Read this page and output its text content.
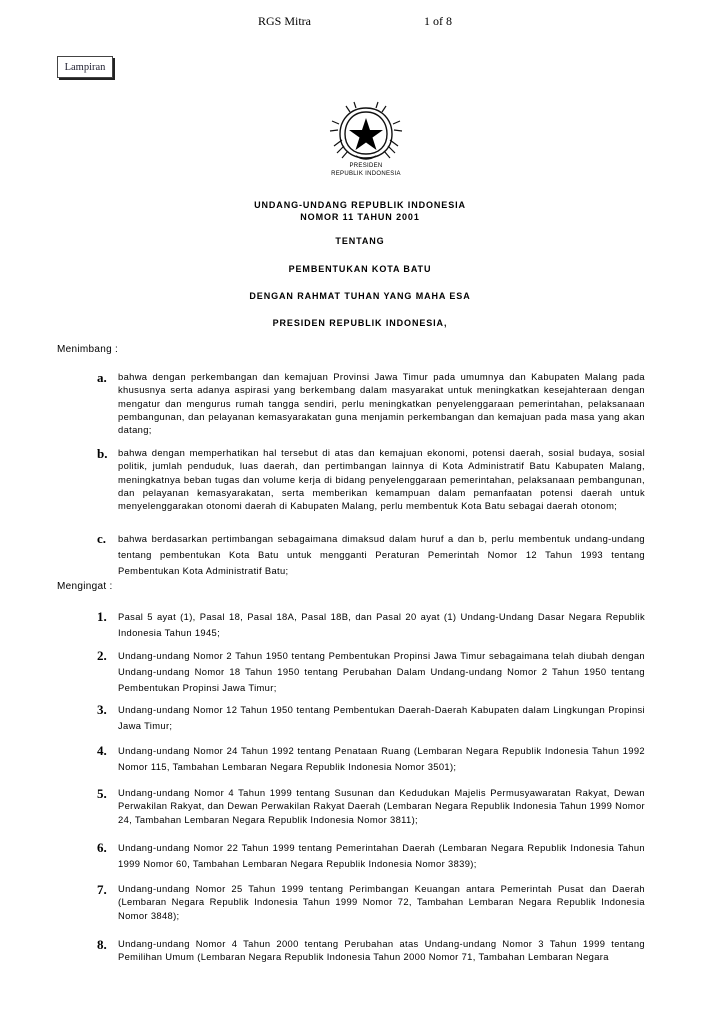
RGS Mitra	1 of 8
Lampiran
PRESIDEN
REPUBLIK INDONESIA
UNDANG-UNDANG REPUBLIK INDONESIA
NOMOR 11 TAHUN 2001
TENTANG
PEMBENTUKAN KOTA BATU
DENGAN RAHMAT TUHAN YANG MAHA ESA
PRESIDEN REPUBLIK INDONESIA,
Menimbang :
a. bahwa dengan perkembangan dan kemajuan Provinsi Jawa Timur pada umumnya dan Kabupaten Malang pada khususnya serta adanya aspirasi yang berkembang dalam masyarakat untuk meningkatkan kesejahteraan dengan mengatur dan mengurus rumah tangga sendiri, perlu meningkatkan penyelenggaraan pemerintahan, pelaksanaan pembangunan, dan pelayanan kemasyarakatan guna menjamin perkembangan dan kemajuan pada masa yang akan datang;
b. bahwa dengan memperhatikan hal tersebut di atas dan kemajuan ekonomi, potensi daerah, sosial budaya, sosial politik, jumlah penduduk, luas daerah, dan pertimbangan lainnya di Kota Administratif Batu Kabupaten Malang, meningkatnya beban tugas dan volume kerja di bidang penyelenggaraan pemerintahan, pelaksanaan pembangunan, dan pelayanan kemasyarakatan, serta memberikan kemampuan dalam pemanfaatan potensi daerah untuk menyelenggarakan otonomi daerah di Kabupaten Malang, perlu membentuk Kota Batu sebagai daerah otonom;
c. bahwa berdasarkan pertimbangan sebagaimana dimaksud dalam huruf a dan b, perlu membentuk undang-undang tentang pembentukan Kota Batu untuk mengganti Peraturan Pemerintah Nomor 12 Tahun 1993 tentang Pembentukan Kota Administratif Batu;
Mengingat :
1. Pasal 5 ayat (1), Pasal 18, Pasal 18A, Pasal 18B, dan Pasal 20 ayat (1) Undang-Undang Dasar Negara Republik Indonesia Tahun 1945;
2. Undang-undang Nomor 2 Tahun 1950 tentang Pembentukan Propinsi Jawa Timur sebagaimana telah diubah dengan Undang-undang Nomor 18 Tahun 1950 tentang Perubahan Dalam Undang-undang Nomor 2 Tahun 1950 tentang Pembentukan Propinsi Jawa Timur;
3. Undang-undang Nomor 12 Tahun 1950 tentang Pembentukan Daerah-Daerah Kabupaten dalam Lingkungan Propinsi Jawa Timur;
4. Undang-undang Nomor 24 Tahun 1992 tentang Penataan Ruang (Lembaran Negara Republik Indonesia Tahun 1992 Nomor 115, Tambahan Lembaran Negara Republik Indonesia Nomor 3501);
5. Undang-undang Nomor 4 Tahun 1999 tentang Susunan dan Kedudukan Majelis Permusyawaratan Rakyat, Dewan Perwakilan Rakyat, dan Dewan Perwakilan Rakyat Daerah (Lembaran Negara Republik Indonesia Tahun 1999 Nomor 24, Tambahan Lembaran Negara Republik Indonesia Nomor 3811);
6. Undang-undang Nomor 22 Tahun 1999 tentang Pemerintahan Daerah (Lembaran Negara Republik Indonesia Tahun 1999 Nomor 60, Tambahan Lembaran Negara Republik Indonesia Nomor 3839);
7. Undang-undang Nomor 25 Tahun 1999 tentang Perimbangan Keuangan antara Pemerintah Pusat dan Daerah (Lembaran Negara Republik Indonesia Tahun 1999 Nomor 72, Tambahan Lembaran Negara Republik Indonesia Nomor 3848);
8. Undang-undang Nomor 4 Tahun 2000 tentang Perubahan atas Undang-undang Nomor 3 Tahun 1999 tentang Pemilihan Umum (Lembaran Negara Republik Indonesia Tahun 2000 Nomor 71, Tambahan Lembaran Negara
